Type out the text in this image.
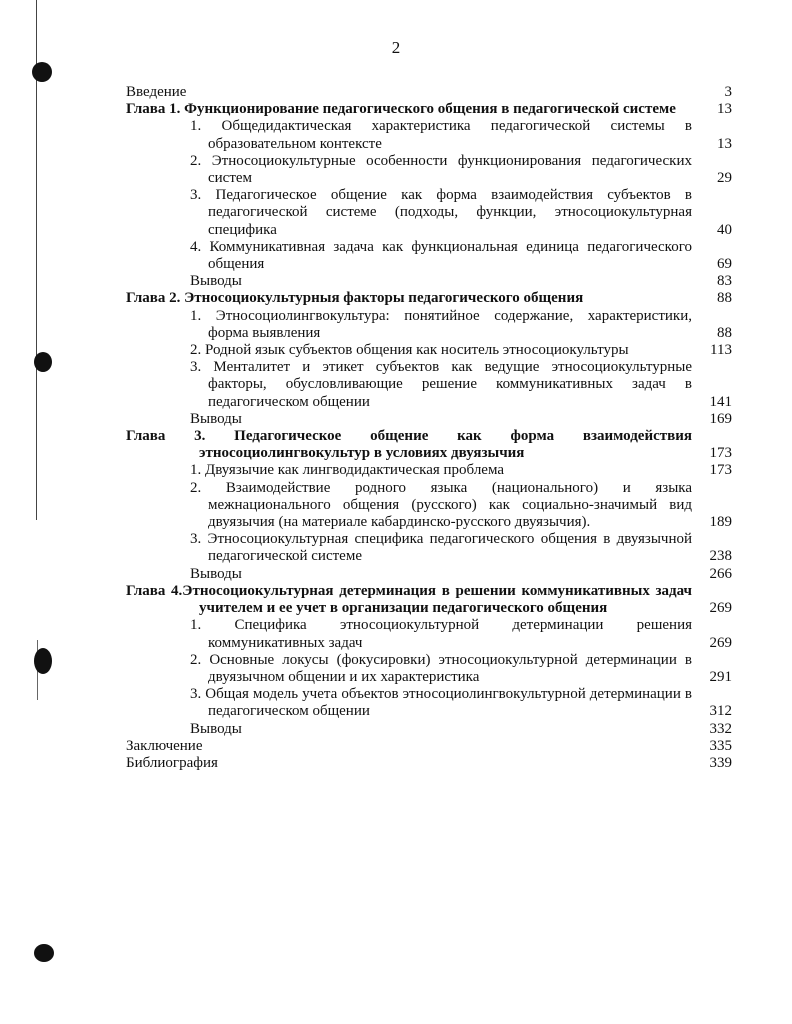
2
Введение	3
Глава 1. Функционирование педагогического общения в педагогической системе	13
1. Общедидактическая характеристика педагогической системы в образовательном контексте	13
2. Этносоциокультурные особенности функционирования педагогических систем	29
3. Педагогическое общение как форма взаимодействия субъектов в педагогической системе (подходы, функции, этносоциокультурная специфика	40
4. Коммуникативная задача как функциональная единица педагогического общения	69
Выводы	83
Глава 2. Этносоциокультурныя факторы педагогического общения	88
1. Этносоциолингвокультура: понятийное содержание, характеристики, форма выявления	88
2. Родной язык субъектов общения как носитель этносоциокультуры	113
3. Менталитет и этикет субъектов как ведущие этносоциокультурные факторы, обусловливающие решение коммуникативных задач в педагогическом общении	141
Выводы	169
Глава 3. Педагогическое общение как форма взаимодействия этносоциолингвокультур в условиях двуязычия	173
1. Двуязычие как лингводидактическая проблема	173
2. Взаимодействие родного языка (национального) и языка межнационального общения (русского) как социально-значимый вид двуязычия (на материале кабардинско-русского двуязычия).	189
3. Этносоциокультурная специфика педагогического общения в двуязычной педагогической системе	238
Выводы	266
Глава 4.Этносоциокультурная детерминация в решении коммуникативных задач учителем и ее учет в организации педагогического общения	269
1. Специфика этносоциокультурной детерминации решения коммуникативных задач	269
2. Основные локусы (фокусировки) этносоциокультурной детерминации в двуязычном общении и их характеристика	291
3. Общая модель учета объектов этносоциолингвокультурной детерминации в педагогическом общении	312
Выводы	332
Заключение	335
Библиография	339
